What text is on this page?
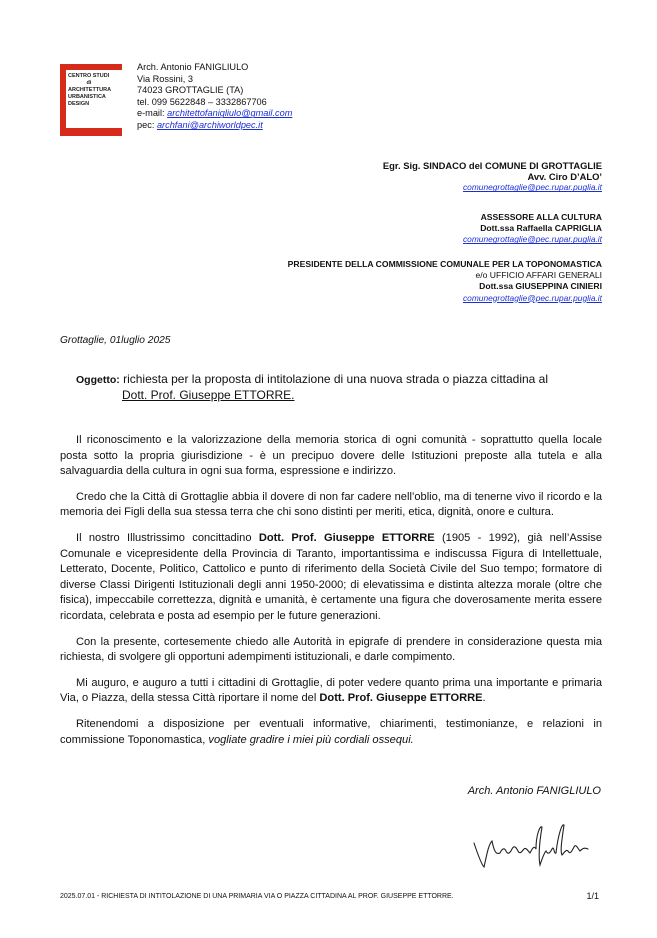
CENTRO STUDI
di
ARCHITETTURA
URBANISTICA
DESIGN
Arch. Antonio FANIGLIULO
Via Rossini, 3
74023 GROTTAGLIE (TA)
tel. 099 5622848 – 3332867706
e-mail: architettofanigliulo@gmail.com
pec: archfani@archiworldpec.it
Egr. Sig. SINDACO del COMUNE DI GROTTAGLIE
Avv. Ciro D’ALO’
comunegrottaglie@pec.rupar.puglia.it
ASSESSORE ALLA CULTURA
Dott.ssa Raffaella CAPRIGLIA
comunegrottaglie@pec.rupar.puglia.it
PRESIDENTE DELLA COMMISSIONE COMUNALE PER LA TOPONOMASTICA
e/o UFFICIO AFFARI GENERALI
Dott.ssa GIUSEPPINA CINIERI
comunegrottaglie@pec.rupar.puglia.it
Grottaglie, 01luglio 2025
Oggetto: richiesta per la proposta di intitolazione di una nuova strada o piazza cittadina al
Dott. Prof. Giuseppe ETTORRE.

Il riconoscimento e la valorizzazione della memoria storica di ogni comunità - soprattutto quella locale posta sotto la propria giurisdizione - è un precipuo dovere delle Istituzioni preposte alla tutela e alla salvaguardia della cultura in ogni sua forma, espressione e indirizzo.

Credo che la Città di Grottaglie abbia il dovere di non far cadere nell’oblio, ma di tenerne vivo il ricordo e la memoria dei Figli della sua stessa terra che chi sono distinti per meriti, etica, dignità, onore e cultura.

Il nostro Illustrissimo concittadino Dott. Prof. Giuseppe ETTORRE (1905 - 1992), già nell’Assise Comunale e vicepresidente della Provincia di Taranto, importantissima e indiscussa Figura di Intellettuale, Letterato, Docente, Politico, Cattolico e punto di riferimento della Società Civile del Suo tempo; formatore di diverse Classi Dirigenti Istituzionali degli anni 1950-2000; di elevatissima e distinta altezza morale (oltre che fisica), impeccabile correttezza, dignità e umanità, è certamente una figura che doverosamente merita essere ricordata, celebrata e posta ad esempio per le future generazioni.

Con la presente, cortesemente chiedo alle Autorità in epigrafe di prendere in considerazione questa mia richiesta, di svolgere gli opportuni adempimenti istituzionali, e darle compimento.

Mi auguro, e auguro a tutti i cittadini di Grottaglie, di poter vedere quanto prima una importante e primaria Via, o Piazza, della stessa Città riportare il nome del Dott. Prof. Giuseppe ETTORRE.

Ritenendomi a disposizione per eventuali informative, chiarimenti, testimonianze, e relazioni in commissione Toponomastica, vogliate gradire i miei più cordiali ossequi.

Arch. Antonio FANIGLIULO
2025.07.01 - RICHIESTA DI INTITOLAZIONE DI UNA PRIMARIA VIA O PIAZZA CITTADINA AL PROF. GIUSEPPE ETTORRE.	1/1
